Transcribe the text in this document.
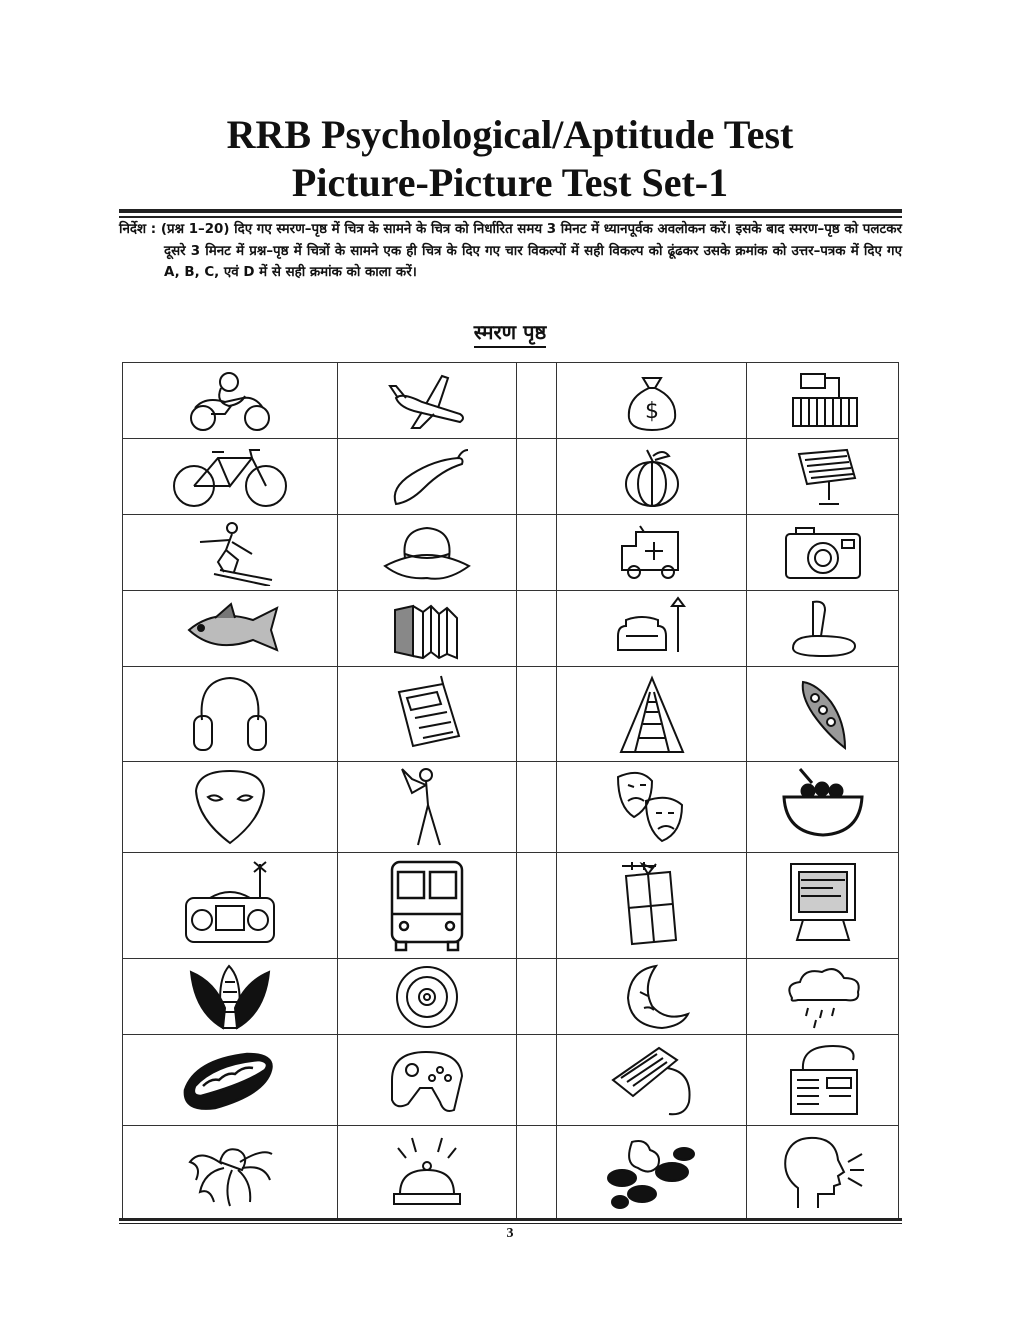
RRB Psychological/Aptitude Test
Picture-Picture Test Set-1
निर्देश : (प्रश्न 1–20) दिए गए स्मरण–पृष्ठ में चित्र के सामने के चित्र को निर्धारित समय 3 मिनट में ध्यानपूर्वक अवलोकन करें। इसके बाद स्मरण–पृष्ठ को पलटकर दूसरे 3 मिनट में प्रश्न–पृष्ठ में चित्रों के सामने एक ही चित्र के दिए गए चार विकल्पों में सही विकल्प को ढूंढकर उसके क्रमांक को उत्तर–पत्रक में दिए गए A, B, C, एवं D में से सही क्रमांक को काला करें।
स्मरण पृष्ठ

$

3
